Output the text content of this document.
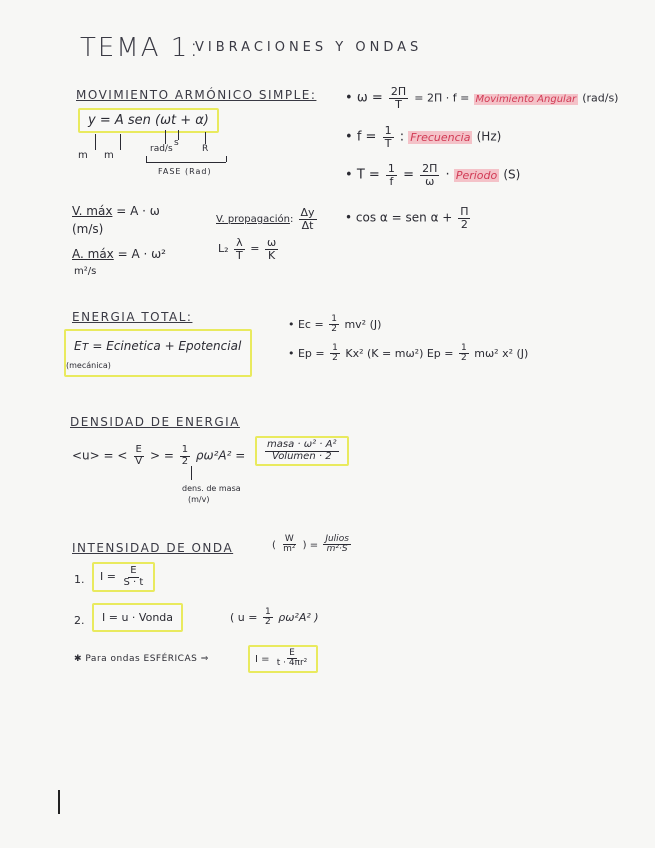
TEMA 1:
VIBRACIONES Y ONDAS
MOVIMIENTO ARMÓNICO SIMPLE:
y = A sen (ωt + α)
m m
rad/s
s
R
FASE (Rad)
V. máx = A · ω
(m/s)
A. máx = A · ω²
m²/s
V. propagación: $\frac{\Delta y}{\Delta t}$
$L_2 \frac{\lambda}{T} = \frac{\omega}{K}$
• $\omega = \frac{2\Pi}{T} = 2\Pi \cdot f$ = Movimiento Angular (rad/s)
• $f = \frac{1}{T}$ : Frecuencia (Hz)
• $T = \frac{1}{f} = \frac{2\Pi}{\omega}$ · Periodo (S)
• cos α = sen $\alpha + \frac{\Pi}{2}$
ENERGIA TOTAL:
Eᴛ = Ecinetica + Epotencial
(mecánica)
• $Ec = \frac{1}{2} mv^2$ (J)
• $Ep = \frac{1}{2} Kx^2$ (K = mω²) $Ep = \frac{1}{2} m\omega^2$ x² (J)
DENSIDAD DE ENERGIA
<u> = < $\frac{E}{V}$ > = $\frac{1}{2} \rho\omega^2A^2 = \frac{\text{masa · ω² · A²}}{\text{Volumen · 2}}$
dens. de masa
(m/v)
INTENSIDAD DE ONDA	( $\frac{W}{\text{m²}}$ ) = $\frac{\text{Julios}}{\text{m²·S}}$
1.	$I = \frac{E}{S \cdot t}$
2.	I = u · Vonda	( $u = \frac{1}{2} \rho\omega^2A^2$ )
✱ Para ondas ESFÉRICAS ⇒	$I = \frac{E}{\text{t · 4πr²}}$
